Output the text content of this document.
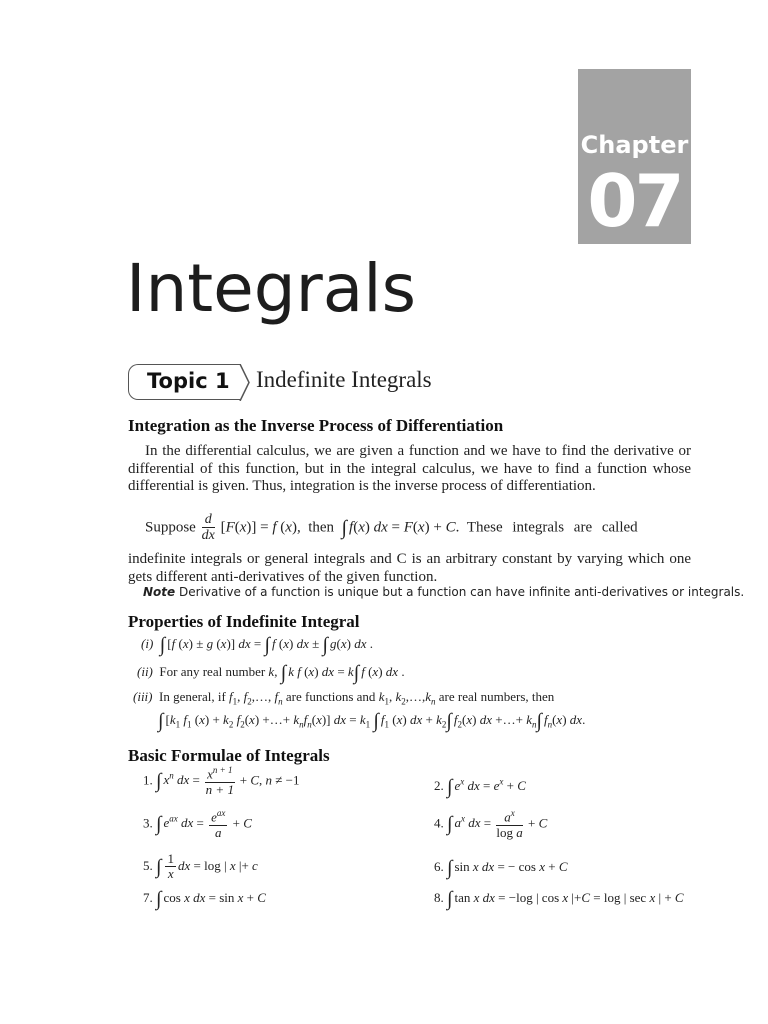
Chapter
07
Integrals
Topic 1 Indefinite Integrals
Integration as the Inverse Process of Differentiation
In the differential calculus, we are given a function and we have to find the derivative or differential of this function, but in the integral calculus, we have to find a function whose differential is given. Thus, integration is the inverse process of differentiation.
Suppose $\frac{d}{dx} [F(x)] = f$ (x),  then  ∫ f(x) dx = F(x) + C.  These integrals are called
indefinite integrals or general integrals and C is an arbitrary constant by varying which one gets different anti-derivatives of the given function.
Note Derivative of a function is unique but a function can have infinite anti-derivatives or integrals.
Properties of Indefinite Integral
(i) ∫ [f (x) ± g (x)] dx = ∫ f (x) dx ± ∫ g(x) dx .
(ii) For any real number k, ∫ k f (x) dx = k∫ f (x) dx .
(iii) In general, if $f_1$, $f_2,\dots$, $f_n$ are functions and $k_1$, $k_2,\dots,k_n$ are real numbers, then
∫ [$k_1$ $f_1$ $(x) + k_2$ $f_2(x)$ +…+ $k_nf_n(x)$] dx = $k_1$ ∫ $f_1$ (x) dx + $k_2\int$ $f_2(x)$ dx +…+ $k_n\int$ $f_n(x)$ dx.
Basic Formulae of Integrals
1. ∫ $x^n$ dx = $\frac{x^{n + 1}}{n + 1} + C$, n ≠ −1	2. ∫ $e^x$ dx = $e^x + C$
3. ∫ $e^{ax}$ dx = $\frac{e^{ax}}{a} + C$	4. ∫ $a^x$ dx = $\frac{a^x}{\text{log a}} + C$
5. ∫ $\frac{1}{x}$ dx = log | x |+ c	6. ∫ sin x dx = − cos x + C
7. ∫ cos x dx = sin x + C	8. ∫ tan x dx = −log | cos x |+C = log | sec x | + C
